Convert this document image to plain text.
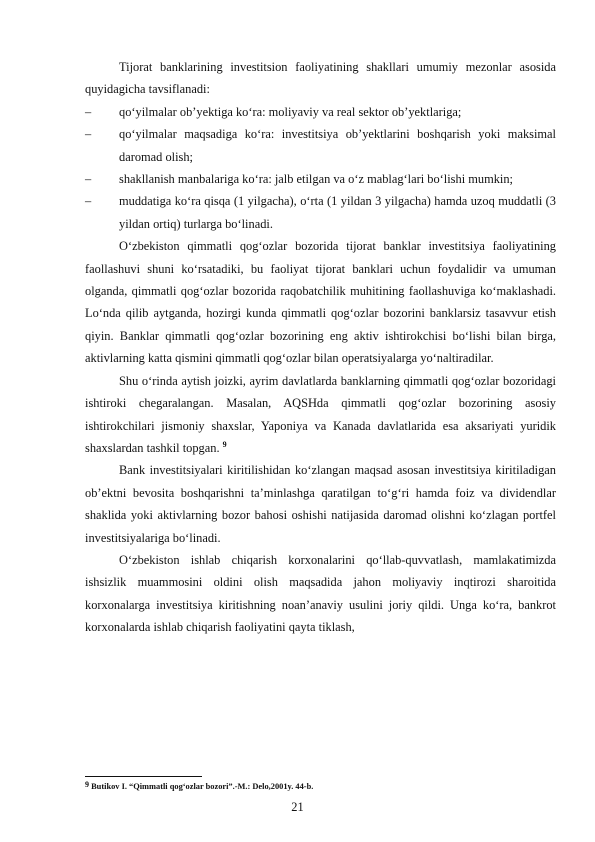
Tijorat banklarining investitsion faoliyatining shakllari umumiy mezonlar asosida quyidagicha tavsiflanadi:

– qo‘yilmalar ob’yektiga ko‘ra: moliyaviy va real sektor ob’yektlariga;

– qo‘yilmalar maqsadiga ko‘ra: investitsiya ob’yektlarini boshqarish yoki maksimal daromad olish;

– shakllanish manbalariga ko‘ra: jalb etilgan va o‘z mablag‘lari bo‘lishi mumkin;

– muddatiga ko‘ra qisqa (1 yilgacha), o‘rta (1 yildan 3 yilgacha) hamda uzoq muddatli (3 yildan ortiq) turlarga bo‘linadi.

O‘zbekiston qimmatli qog‘ozlar bozorida tijorat banklar investitsiya faoliyatining faollashuvi shuni ko‘rsatadiki, bu faoliyat tijorat banklari uchun foydalidir va umuman olganda, qimmatli qog‘ozlar bozorida raqobatchilik muhitining faollashuviga ko‘maklashadi. Lo‘nda qilib aytganda, hozirgi kunda qimmatli qog‘ozlar bozorini banklarsiz tasavvur etish qiyin. Banklar qimmatli qog‘ozlar bozorining eng aktiv ishtirokchisi bo‘lishi bilan birga, aktivlarning katta qismini qimmatli qog‘ozlar bilan operatsiyalarga yo‘naltiradilar.

Shu o‘rinda aytish joizki, ayrim davlatlarda banklarning qimmatli qog‘ozlar bozoridagi ishtiroki chegaralangan. Masalan, AQSHda qimmatli qog‘ozlar bozorining asosiy ishtirokchilari jismoniy shaxslar, Yaponiya va Kanada davlatlarida esa aksariyati yuridik shaxslardan tashkil topgan. $^9$

Bank investitsiyalari kiritilishidan ko‘zlangan maqsad asosan investitsiya kiritiladigan ob’ektni bevosita boshqarishni ta’minlashga qaratilgan to‘g‘ri hamda foiz va dividendlar shaklida yoki aktivlarning bozor bahosi oshishi natijasida daromad olishni ko‘zlagan portfel investitsiyalariga bo‘linadi.

O‘zbekiston ishlab chiqarish korxonalarini qo‘llab-quvvatlash, mamlakatimizda ishsizlik muammosini oldini olish maqsadida jahon moliyaviy inqtirozi sharoitida korxonalarga investitsiya kiritishning noan’anaviy usulini joriy qildi. Unga ko‘ra, bankrot korxonalarda ishlab chiqarish faoliyatini qayta tiklash,

$^9$ Butikov I. “Qimmatli qog‘ozlar bozori”.-M.: Delo,2001y. 44-b.
21
